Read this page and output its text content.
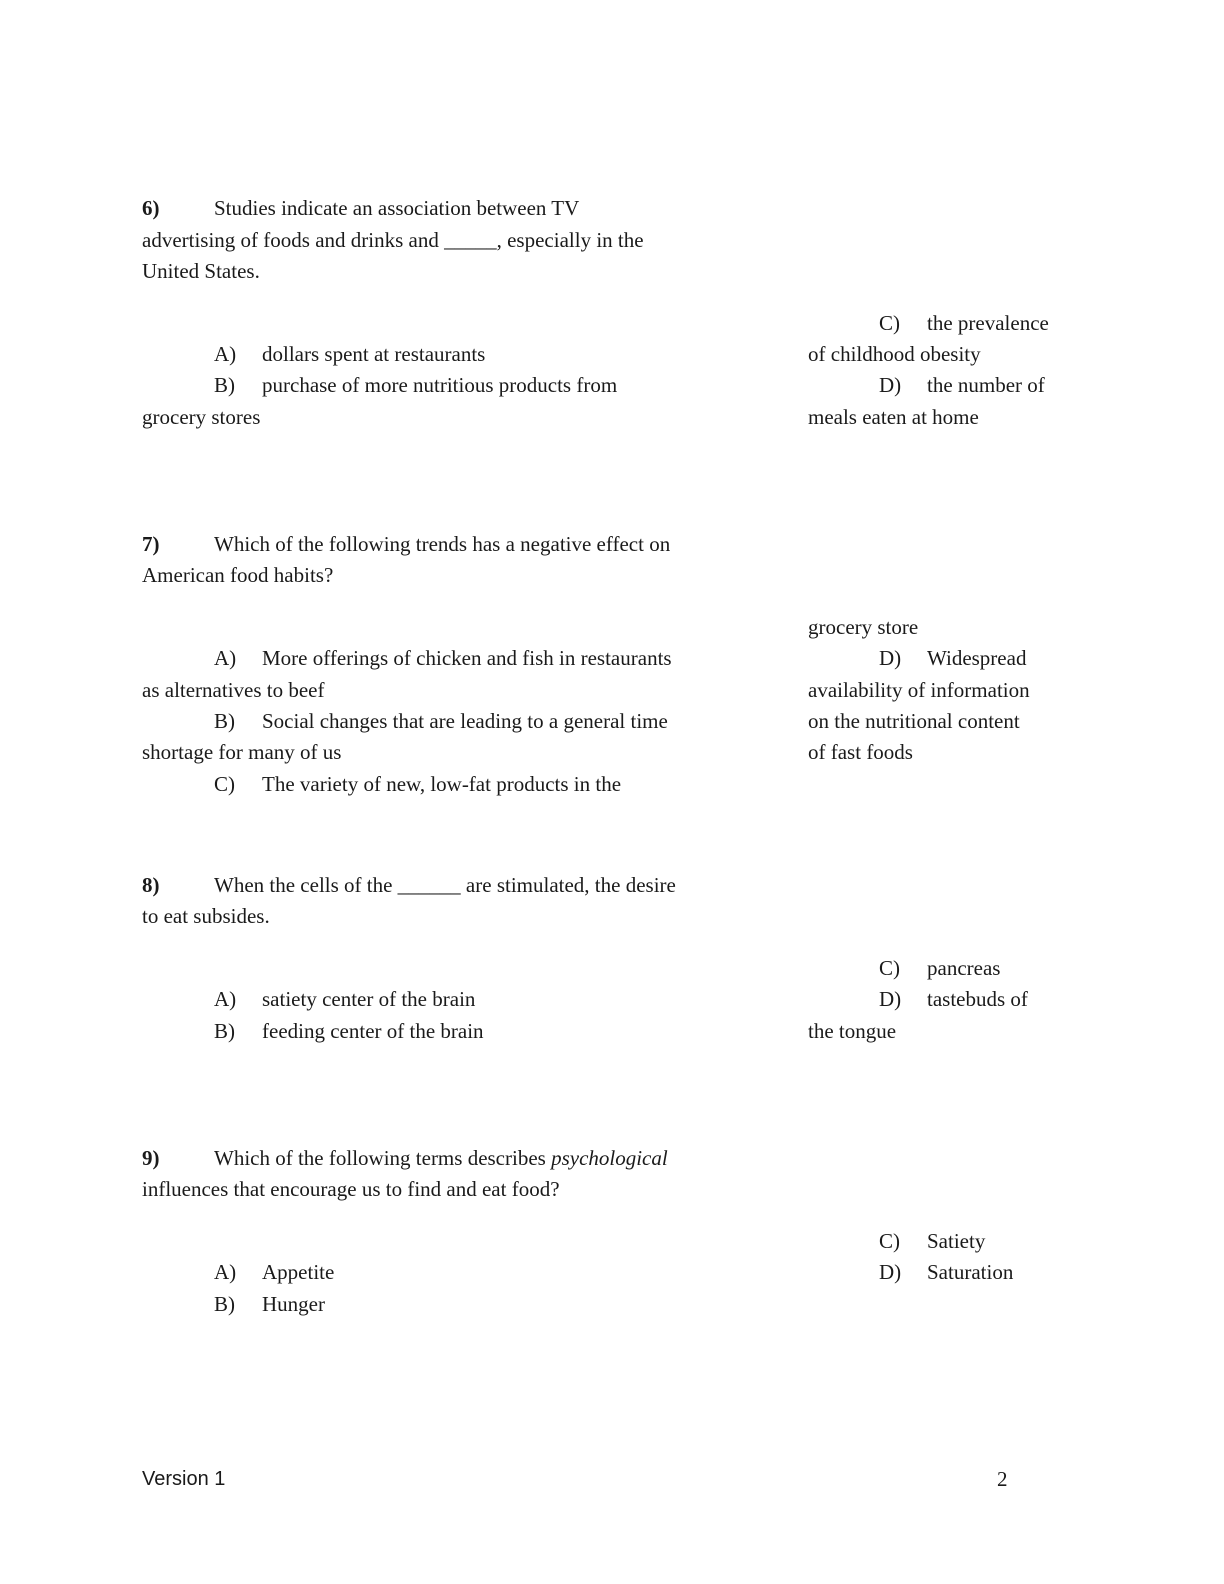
6)	Studies indicate an association between TV
advertising of foods and drinks and _____, especially in the
United States.
A) dollars spent at restaurants
B) purchase of more nutritious products from
grocery stores
C) the prevalence
of childhood obesity
D) the number of
meals eaten at home
7)	Which of the following trends has a negative effect on
American food habits?
A) More offerings of chicken and fish in restaurants
as alternatives to beef
B) Social changes that are leading to a general time
shortage for many of us
C) The variety of new, low-fat products in the
grocery store
D) Widespread
availability of information
on the nutritional content
of fast foods
8)	When the cells of the ______ are stimulated, the desire
to eat subsides.
A) satiety center of the brain
B) feeding center of the brain
C) pancreas
D) tastebuds of
the tongue
9)	Which of the following terms describes psychological
influences that encourage us to find and eat food?
A) Appetite
B) Hunger
C) Satiety
D) Saturation
Version 1	2
